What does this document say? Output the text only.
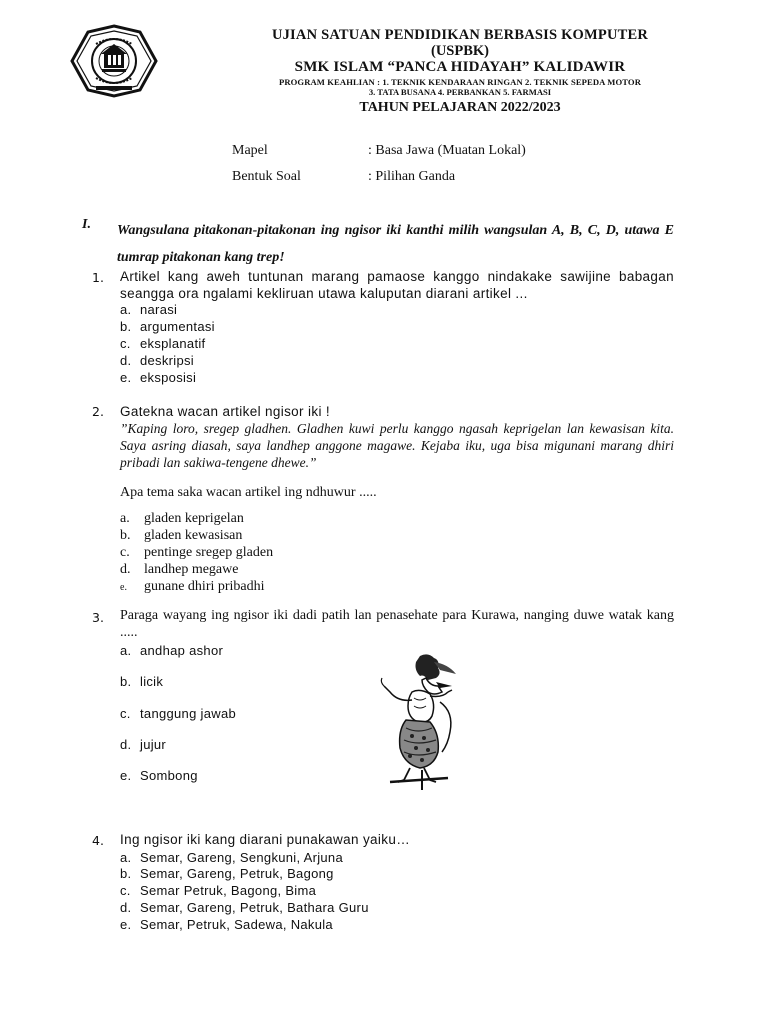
UJIAN SATUAN PENDIDIKAN BERBASIS KOMPUTER
(USPBK)
SMK ISLAM “PANCA HIDAYAH” KALIDAWIR
PROGRAM KEAHLIAN : 1. TEKNIK KENDARAAN RINGAN 2. TEKNIK SEPEDA MOTOR
3. TATA BUSANA 4. PERBANKAN 5. FARMASI
TAHUN PELAJARAN 2022/2023
Mapel	: Basa Jawa (Muatan Lokal)
Bentuk Soal	: Pilihan Ganda
I. Wangsulana pitakonan-pitakonan ing ngisor iki kanthi milih wangsulan A, B, C, D, utawa E tumrap pitakonan kang trep!
1. Artikel kang aweh tuntunan marang pamaose kanggo nindakake sawijine babagan seangga ora ngalami kekliruan utawa kaluputan diarani artikel ...
a. narasi
b. argumentasi
c. eksplanatif
d. deskripsi
e. eksposisi
2. Gatekna wacan artikel ngisor iki !
”Kaping loro, sregep gladhen. Gladhen kuwi perlu kanggo ngasah keprigelan lan kewasisan kita. Saya asring diasah, saya landhep anggone magawe. Kejaba iku, uga bisa migunani marang dhiri pribadi lan sakiwa-tengene dhewe.”
Apa tema saka wacan artikel ing ndhuwur .....
a. gladen keprigelan
b. gladen kewasisan
c. pentinge sregep gladen
d. landhep megawe
e. gunane dhiri pribadhi
3. Paraga wayang ing ngisor iki dadi patih lan penasehate para Kurawa, nanging duwe watak kang .....
a. andhap ashor
b. licik
c. tanggung jawab
d. jujur
e. Sombong
4. Ing ngisor iki kang diarani punakawan yaiku…
a. Semar, Gareng, Sengkuni, Arjuna
b. Semar, Gareng, Petruk, Bagong
c. Semar Petruk, Bagong, Bima
d. Semar, Gareng, Petruk, Bathara Guru
e. Semar, Petruk, Sadewa, Nakula
